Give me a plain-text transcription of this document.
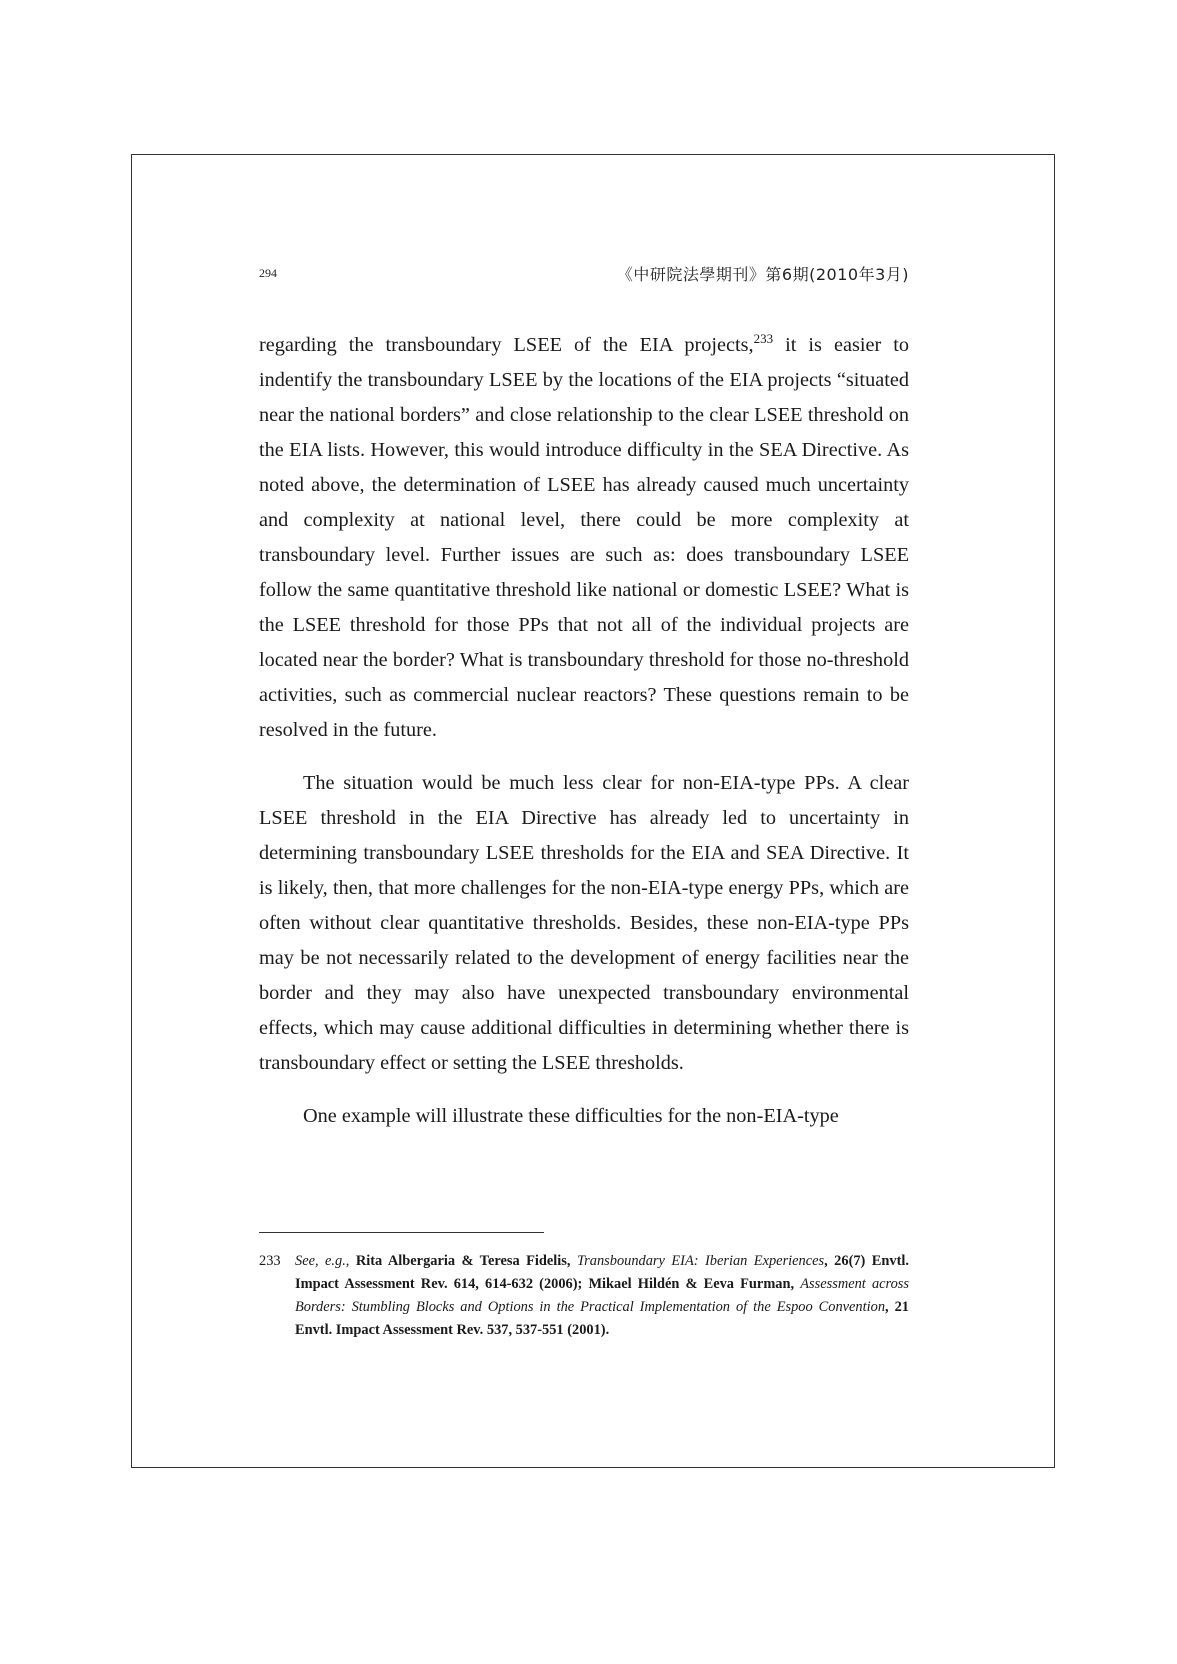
294	《中研院法學期刊》第6期(2010年3月)

regarding the transboundary LSEE of the EIA projects,$^{233}$ it is easier to indentify the transboundary LSEE by the locations of the EIA projects “situated near the national borders” and close relationship to the clear LSEE threshold on the EIA lists. However, this would introduce difficulty in the SEA Directive. As noted above, the determination of LSEE has already caused much uncertainty and complexity at national level, there could be more complexity at transboundary level. Further issues are such as: does transboundary LSEE follow the same quantitative threshold like national or domestic LSEE? What is the LSEE threshold for those PPs that not all of the individual projects are located near the border? What is transboundary threshold for those no-threshold activities, such as commercial nuclear reactors? These questions remain to be resolved in the future.

The situation would be much less clear for non-EIA-type PPs. A clear LSEE threshold in the EIA Directive has already led to uncertainty in determining transboundary LSEE thresholds for the EIA and SEA Directive. It is likely, then, that more challenges for the non-EIA-type energy PPs, which are often without clear quantitative thresholds. Besides, these non-EIA-type PPs may be not necessarily related to the development of energy facilities near the border and they may also have unexpected transboundary environmental effects, which may cause additional difficulties in determining whether there is transboundary effect or setting the LSEE thresholds.

One example will illustrate these difficulties for the non-EIA-type

233 See, e.g., Rita Albergaria & Teresa Fidelis, Transboundary EIA: Iberian Experiences, 26(7) Envtl. Impact Assessment Rev. 614, 614-632 (2006); Mikael Hildén & Eeva Furman, Assessment across Borders: Stumbling Blocks and Options in the Practical Implementation of the Espoo Convention, 21 Envtl. Impact Assessment Rev. 537, 537-551 (2001).
